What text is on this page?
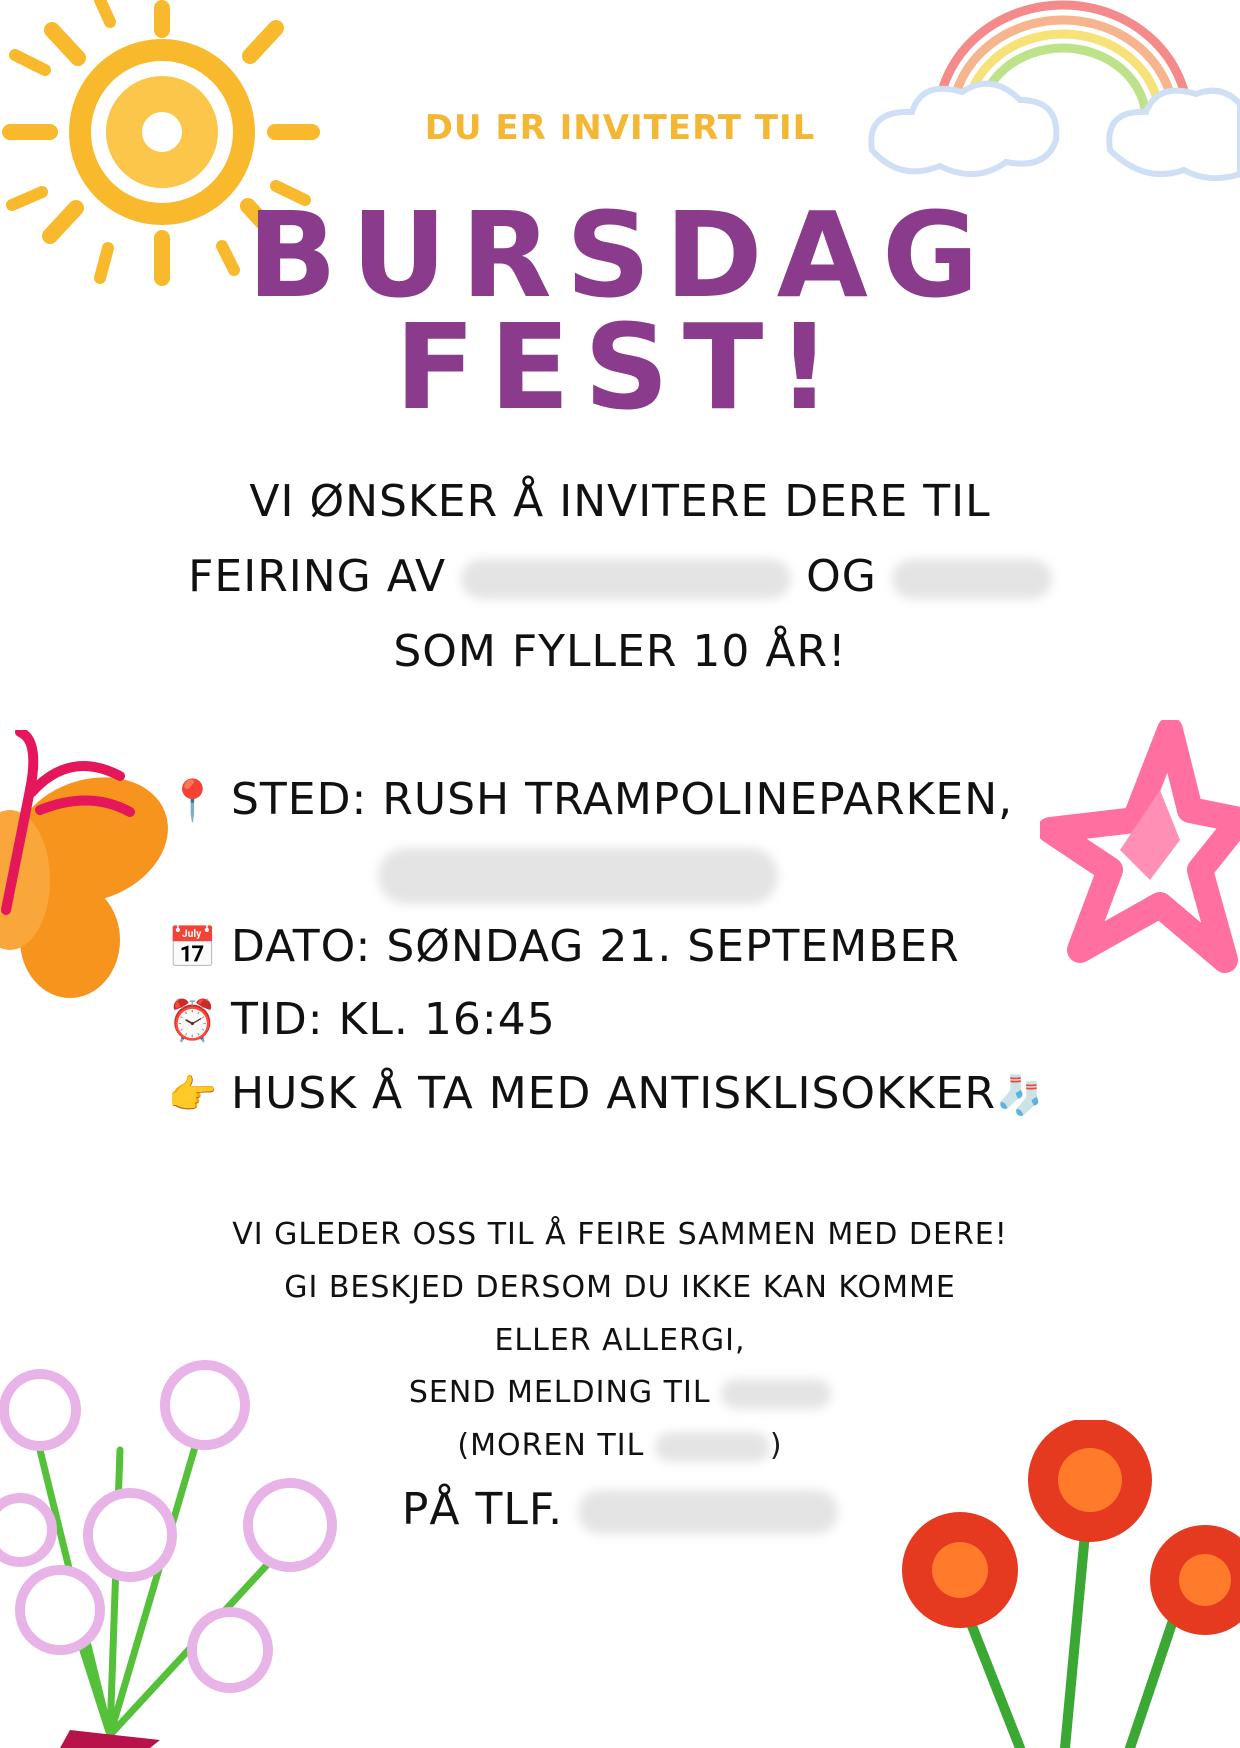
DU ER INVITERT TIL
BURSDAG
FEST!
VI ØNSKER Å INVITERE DERE TIL
FEIRING AV	OG
SOM FYLLER 10 ÅR!
📍 STED: RUSH TRAMPOLINEPARKEN,
📅 DATO: SØNDAG 21. SEPTEMBER
⏰ TID: KL. 16:45
👉 HUSK Å TA MED ANTISKLISOKKER🧦
VI GLEDER OSS TIL Å FEIRE SAMMEN MED DERE!
GI BESKJED DERSOM DU IKKE KAN KOMME
ELLER ALLERGI,
SEND MELDING TIL
(MOREN TIL	)
PÅ TLF.
